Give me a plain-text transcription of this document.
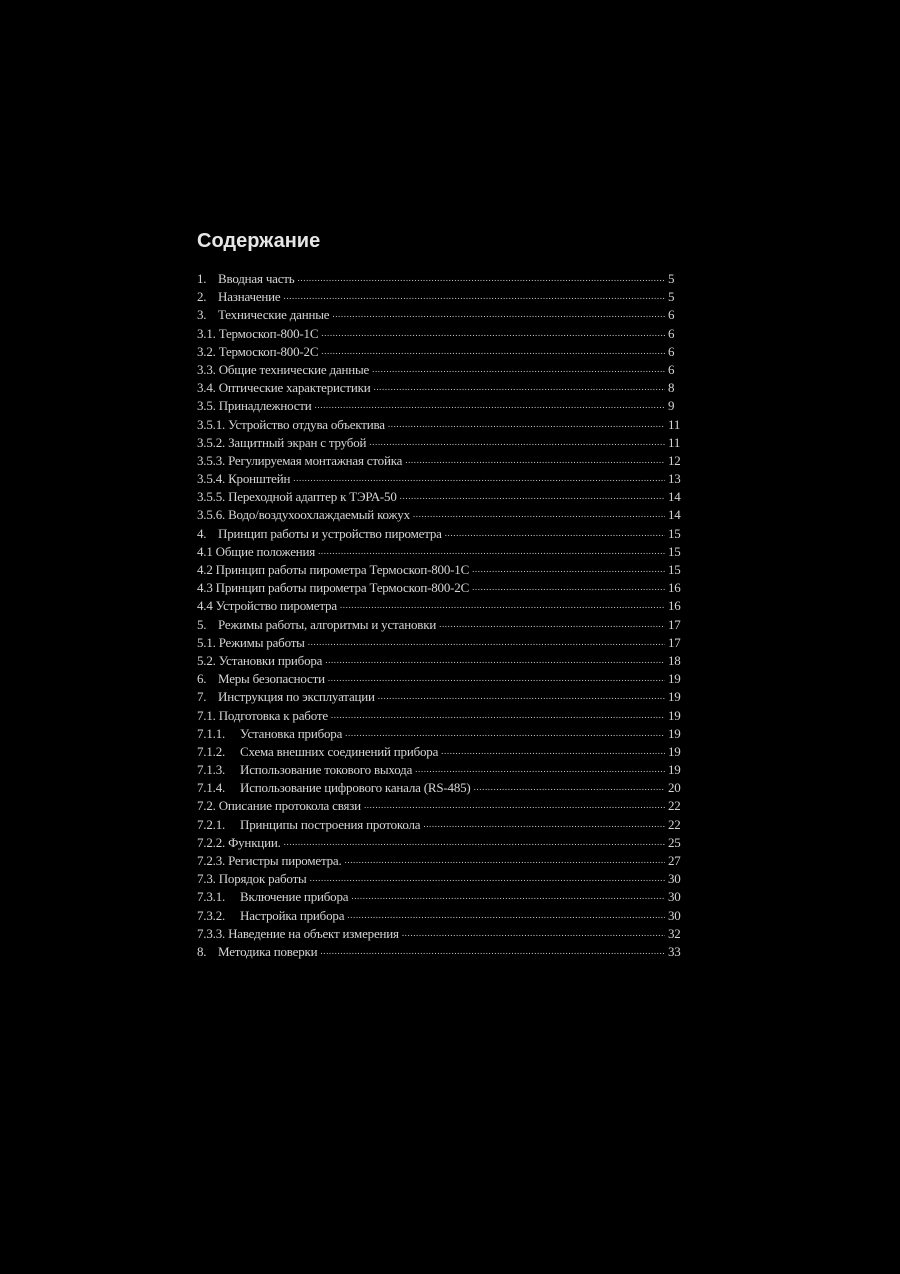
Содержание
1. Вводная часть .....	5
2. Назначение .....	5
3. Технические данные .....	6
3.1. Термоскоп-800-1С .....	6
3.2. Термоскоп-800-2С .....	6
3.3. Общие технические данные .....	6
3.4. Оптические характеристики .....	8
3.5. Принадлежности .....	9
3.5.1. Устройство отдува объектива .....	11
3.5.2. Защитный экран с трубой .....	11
3.5.3. Регулируемая монтажная стойка .....	12
3.5.4. Кронштейн .....	13
3.5.5. Переходной адаптер к ТЭРА-50 .....	14
3.5.6. Водо/воздухоохлаждаемый кожух .....	14
4. Принцип работы и устройство пирометра .....	15
4.1 Общие положения .....	15
4.2 Принцип работы пирометра Термоскоп-800-1С .....	15
4.3 Принцип работы пирометра Термоскоп-800-2С .....	16
4.4 Устройство пирометра .....	16
5. Режимы работы, алгоритмы и установки .....	17
5.1. Режимы работы .....	17
5.2. Установки прибора .....	18
6. Меры безопасности .....	19
7. Инструкция по эксплуатации .....	19
7.1. Подготовка к работе .....	19
7.1.1.	Установка прибора .....	19
7.1.2.	Схема внешних соединений прибора .....	19
7.1.3.	Использование токового выхода .....	19
7.1.4.	Использование цифрового канала (RS-485) .....	20
7.2. Описание протокола связи .....	22
7.2.1.	Принципы построения протокола .....	22
7.2.2. Функции. .....	25
7.2.3. Регистры пирометра. .....	27
7.3. Порядок работы .....	30
7.3.1.	Включение прибора .....	30
7.3.2.	Настройка прибора .....	30
7.3.3. Наведение на объект измерения .....	32
8. Методика поверки .....	33
